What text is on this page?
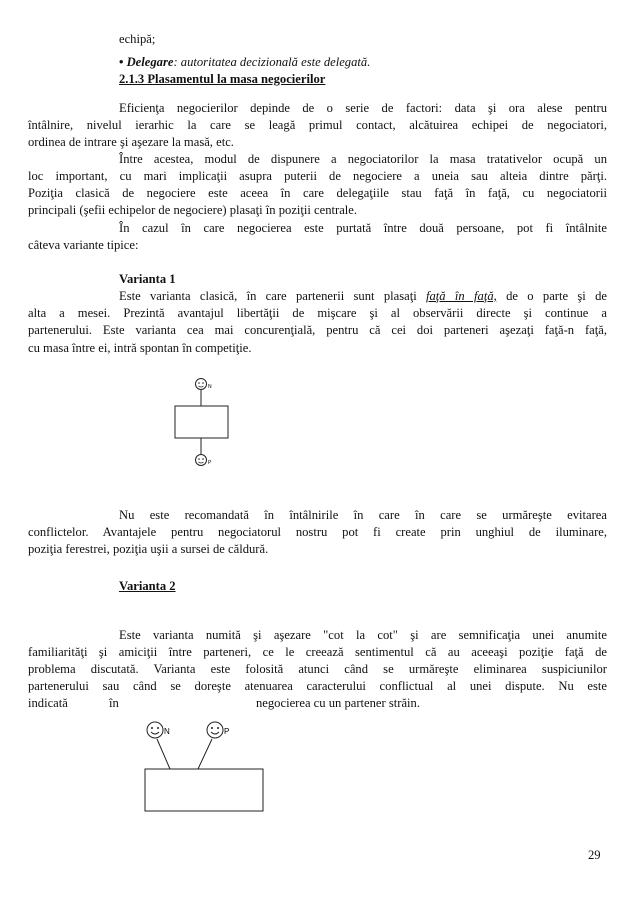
echipă;
• Delegare: autoritatea decizională este delegată.
2.1.3 Plasamentul la masa negocierilor
Eficienţa negocierilor depinde de o serie de factori: data şi ora alese pentru
întâlnire, nivelul ierarhic la care se leagă primul contact, alcătuirea echipei de negociatori,
ordinea de intrare şi aşezare la masă, etc.
Între acestea, modul de dispunere a negociatorilor la masa tratativelor ocupă un
loc important, cu mari implicaţii asupra puterii de negociere a uneia sau alteia dintre părţi.
Poziţia clasică de negociere este aceea în care delegaţiile stau faţă în faţă, cu negociatorii
principali (şefii echipelor de negociere) plasaţi în poziţii centrale.
În cazul în care negocierea este purtată între două persoane, pot fi întâlnite
câteva variante tipice:
Varianta 1
Este varianta clasică, în care partenerii sunt plasaţi faţă în faţă, de o parte şi de
alta a mesei. Prezintă avantajul libertăţii de mişcare şi al observării directe şi continue a
partenerului. Este varianta cea mai concurenţială, pentru că cei doi parteneri aşezaţi faţă-n faţă,
cu masa între ei, intră spontan în competiţie.
N
P
Nu este recomandată în întâlnirile în care în care se urmăreşte evitarea
conflictelor. Avantajele pentru negociatorul nostru pot fi create prin unghiul de iluminare,
poziţia ferestrei, poziţia uşii a sursei de căldură.
Varianta 2
Este varianta numită şi aşezare "cot la cot" şi are semnificaţia unei anumite
familiarităţi şi amiciţii între parteneri, ce le creează sentimentul că au aceeaşi poziţie faţă de
problema discutată. Varianta este folosită atunci când se urmăreşte eliminarea suspiciunilor
partenerului sau când se doreşte atenuarea caracterului conflictual al unei dispute. Nu este
indicată	în	negocierea cu un partener străin.
N	P
29
